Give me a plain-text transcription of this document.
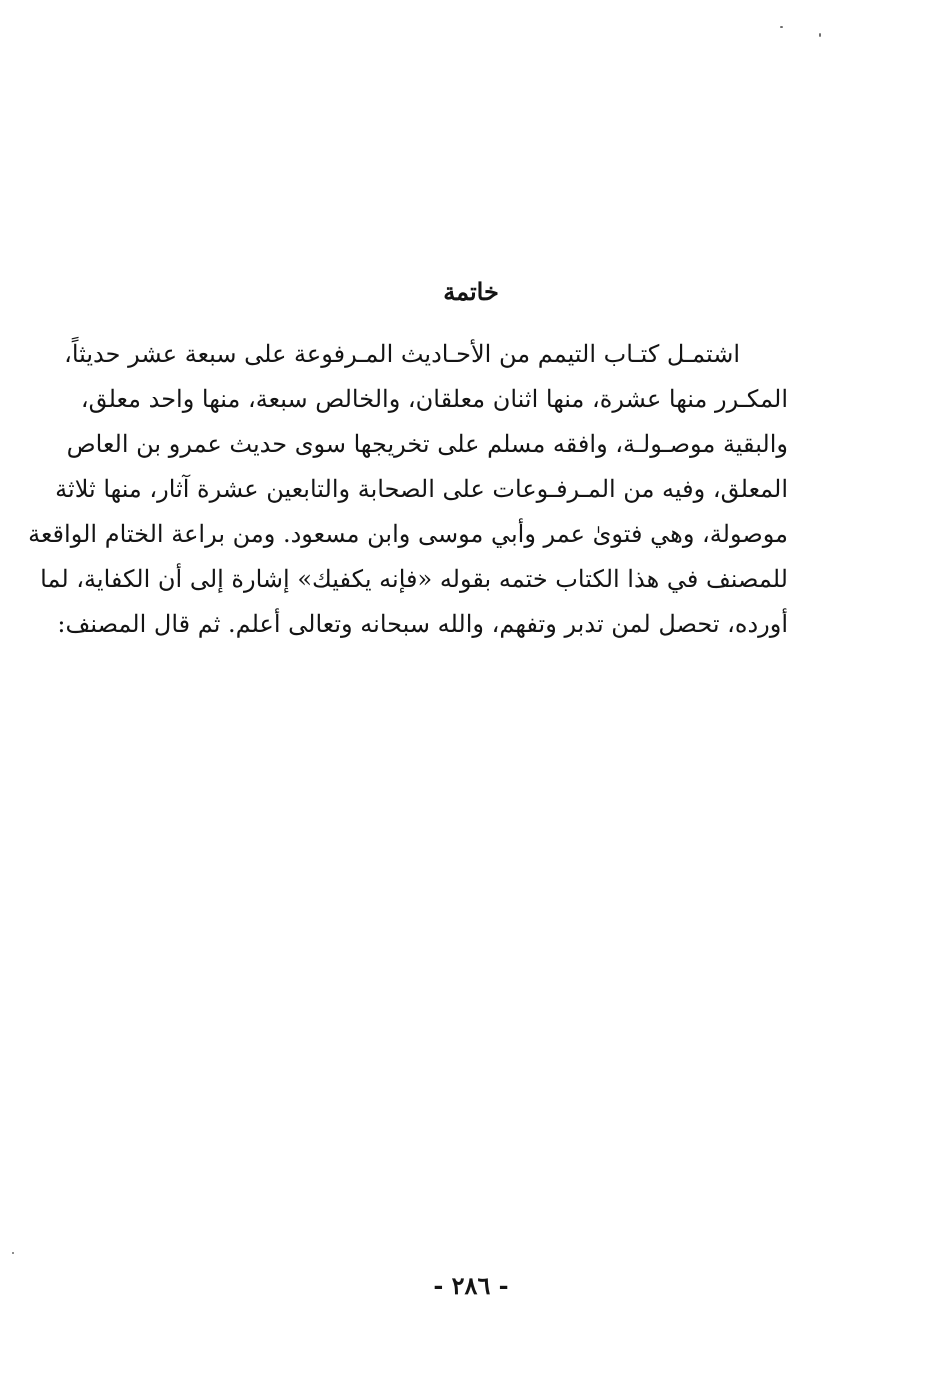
خاتمة
اشتمـل كتـاب التيمم من الأحـاديث المـرفوعة على سبعة عشر حديثاً،
المكـرر منها عشرة، منها اثنان معلقان، والخالص سبعة، منها واحد معلق،
والبقية موصـولـة، وافقه مسلم على تخريجها سوى حديث عمرو بن العاص
المعلق، وفيه من المـرفـوعات على الصحابة والتابعين عشرة آثار، منها ثلاثة
موصولة، وهي فتوىٰ عمر وأبي موسى وابن مسعود. ومن براعة الختام الواقعة
للمصنف في هذا الكتاب ختمه بقوله «فإنه يكفيك» إشارة إلى أن الكفاية، لما
أورده، تحصل لمن تدبر وتفهم، والله سبحانه وتعالى أعلم. ثم قال المصنف:
- ٢٨٦ -
